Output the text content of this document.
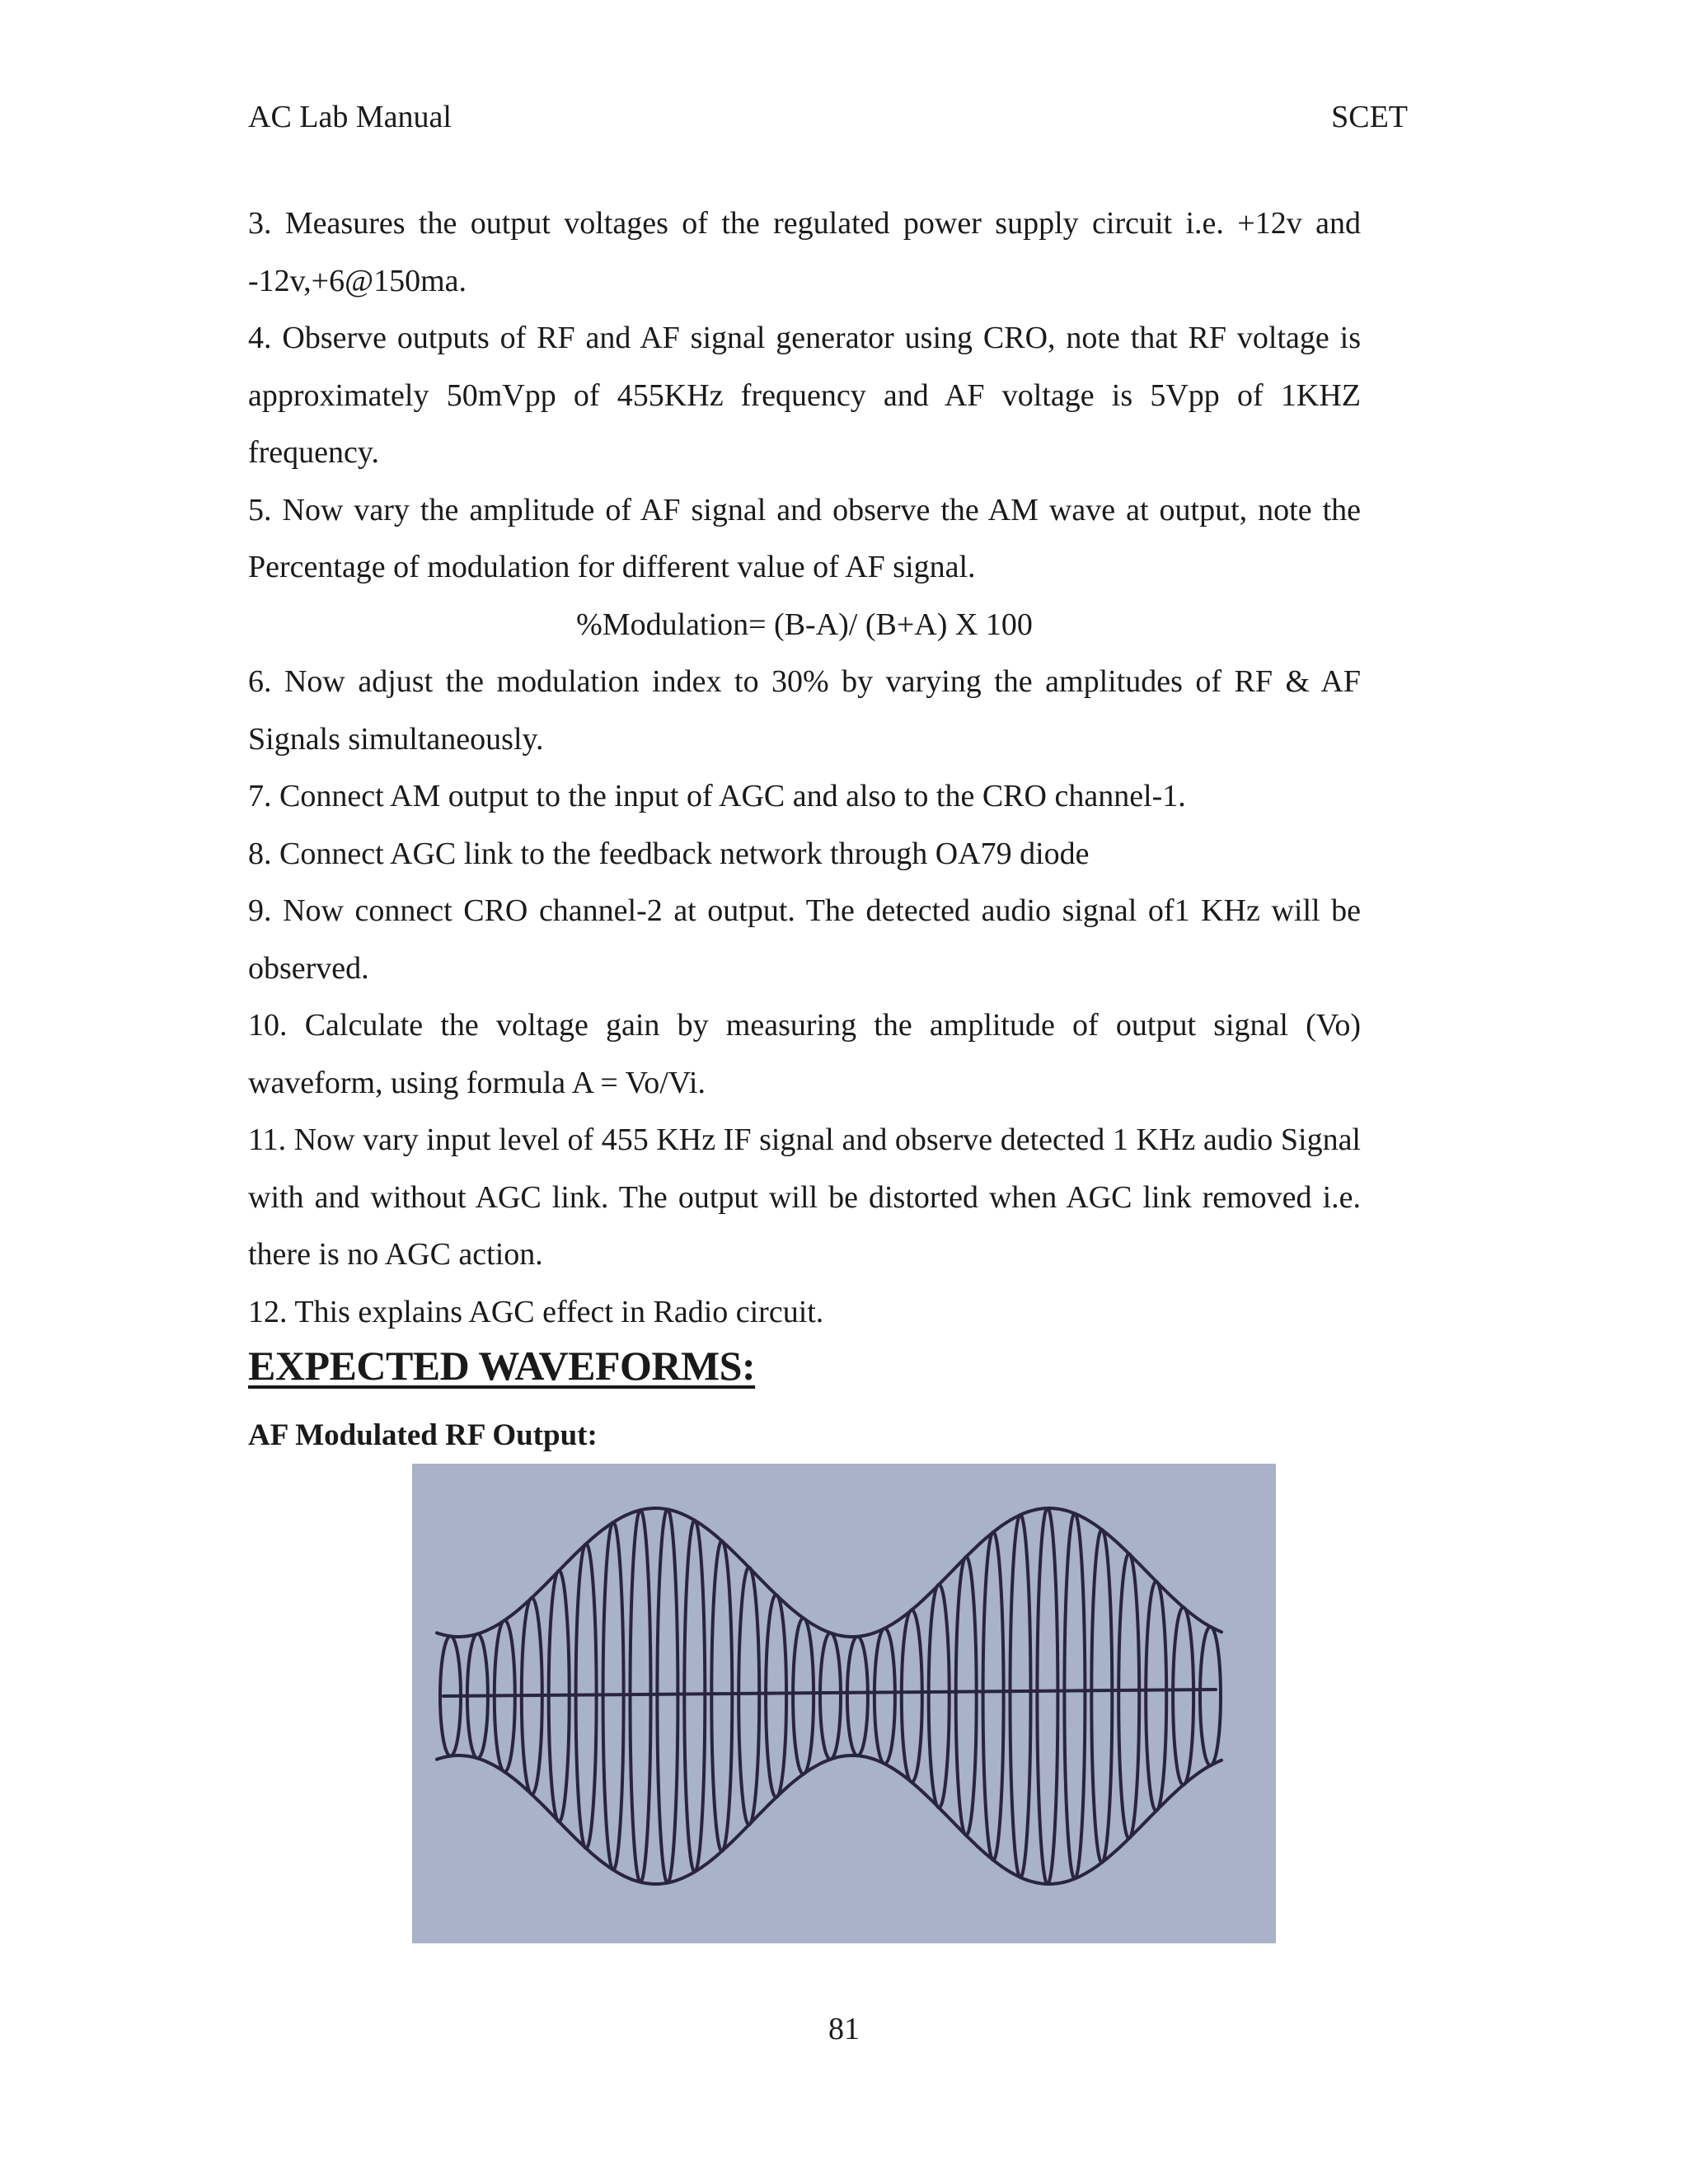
AC Lab Manual	SCET

3. Measures the output voltages of the regulated power supply circuit i.e. +12v and -12v,+6@150ma.

4. Observe outputs of RF and AF signal generator using CRO, note that RF voltage is approximately 50mVpp of 455KHz frequency and AF voltage is 5Vpp of 1KHZ frequency.

5. Now vary the amplitude of AF signal and observe the AM wave at output, note the Percentage of modulation for different value of AF signal.

%Modulation= (B-A)/ (B+A) X 100

6. Now adjust the modulation index to 30% by varying the amplitudes of RF & AF Signals simultaneously.

7. Connect AM output to the input of AGC and also to the CRO channel-1.

8. Connect AGC link to the feedback network through OA79 diode

9. Now connect CRO channel-2 at output. The detected audio signal of1 KHz will be observed.

10. Calculate the voltage gain by measuring the amplitude of output signal (Vo) waveform, using formula A = Vo/Vi.

11. Now vary input level of 455 KHz IF signal and observe detected 1 KHz audio Signal with and without AGC link. The output will be distorted when AGC link removed i.e. there is no AGC action.

12. This explains AGC effect in Radio circuit.

EXPECTED WAVEFORMS:
AF Modulated RF Output:
81
